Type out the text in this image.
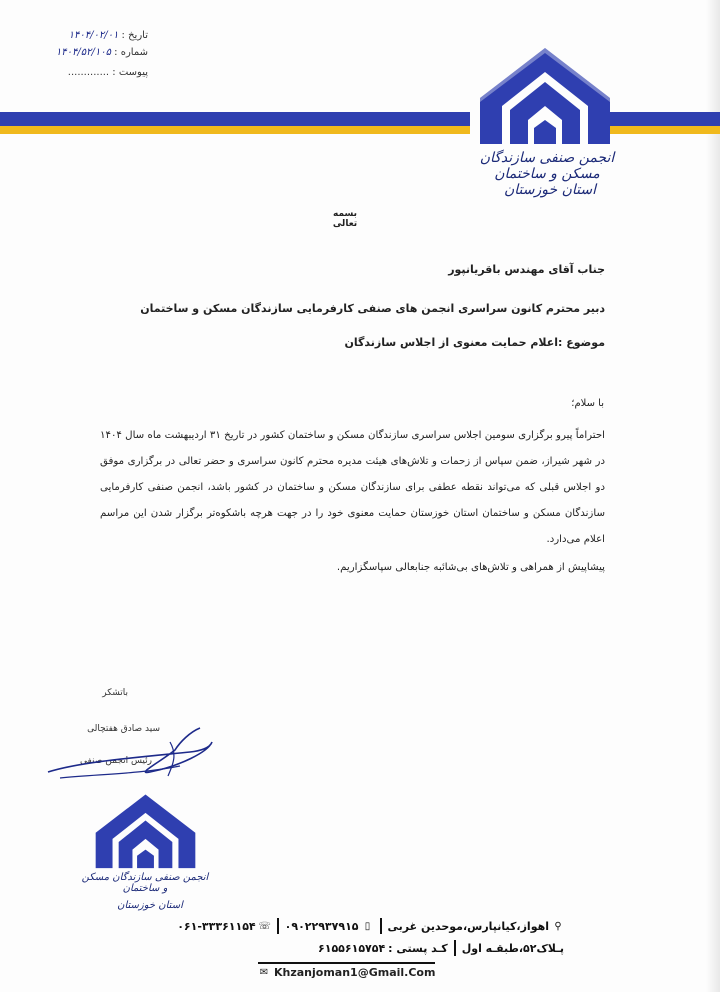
تاریخ : ۱۴۰۴/۰۲/۰۱
شماره : ۱۴۰۴/۵۲/۱۰۵
پیوست : .............
انجمن صنفی سازندگان مسکن و ساختمان
استان خوزستان
بسمه تعالی
جناب آقای مهندس باقریانپور
دبیر محترم کانون سراسری انجمن های صنفی کارفرمایی سازندگان مسکن و ساختمان
موضوع :اعلام حمایت معنوی از اجلاس سازندگان
با سلام؛

احتراماً پیرو برگزاری سومین اجلاس سراسری سازندگان مسکن و ساختمان کشور در تاریخ ۳۱ اردیبهشت ماه سال ۱۴۰۴ در شهر شیراز، ضمن سپاس از زحمات و تلاش‌های هیئت مدیره محترم کانون سراسری و حضر تعالی در برگزاری موفق دو اجلاس قبلی که می‌تواند نقطه عطفی برای سازندگان مسکن و ساختمان در کشور باشد، انجمن صنفی کارفرمایی سازندگان مسکن و ساختمان استان خوزستان حمایت معنوی خود را در جهت هرچه باشکوه‌تر برگزار شدن این مراسم اعلام می‌دارد.

پیشاپیش از همراهی و تلاش‌های بی‌شائبه جنابعالی سپاسگزاریم.

باتشکر
سید صادق هفتچالی
رئیس انجمن صنفی
انجمن صنفی سازندگان مسکن و ساختمان
استان خوزستان
⚲
اهواز،کیانپارس،موحدین غربی
▯
۰۹۰۲۲۹۳۷۹۱۵
☏
۰۶۱-۳۳۳۶۱۱۵۴
پـلاک۵۲،طبقـه اول
کـد پستی :
۶۱۵۵۶۱۵۷۵۴
✉ Khzanjoman1@Gmail.Com
